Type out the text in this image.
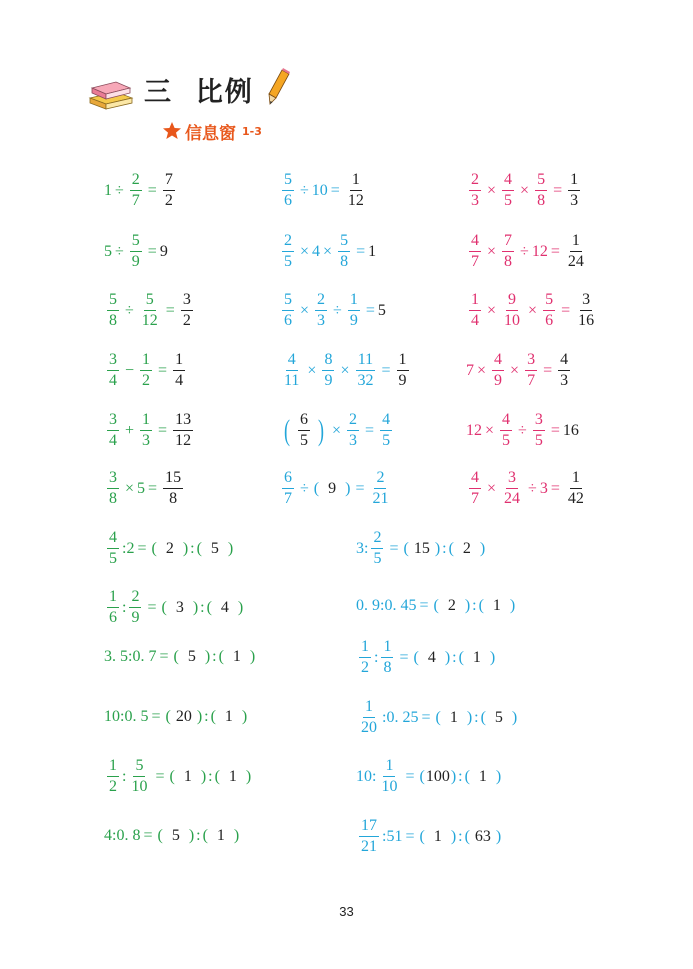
三  比例
信息窗 1-3
$1 \div \frac{2}{7} = \frac{7}{2}$	$\frac{5}{6} \div 10 = \frac{1}{12}$	$\frac{2}{3} \times \frac{4}{5} \times \frac{5}{8} = \frac{1}{3}$
$5 \div \frac{5}{9} = 9$	$\frac{2}{5} \times 4 \times \frac{5}{8} = 1$	$\frac{4}{7} \times \frac{7}{8} \div 12 = \frac{1}{24}$
$\frac{5}{8} \div \frac{5}{12} = \frac{3}{2}$	$\frac{5}{6} \times \frac{2}{3} \div \frac{1}{9} = 5$	$\frac{1}{4} \times \frac{9}{10} \times \frac{5}{6} = \frac{3}{16}$
$\frac{3}{4} - \frac{1}{2} = \frac{1}{4}$	$\frac{4}{11} \times \frac{8}{9} \times \frac{11}{32} = \frac{1}{9}$	$7 \times \frac{4}{9} \times \frac{3}{7} = \frac{4}{3}$
$\frac{3}{4} + \frac{1}{3} = \frac{13}{12}$	( $\frac{6}{5}$ ) × $\frac{2}{3} = \frac{4}{5}$	$12 \times \frac{4}{5} \div \frac{3}{5} = 16$
$\frac{3}{8} \times 5 = \frac{15}{8}$	$\frac{6}{7}$ ÷ ( 9 ) = $\frac{2}{21}$	$\frac{4}{7} \times \frac{3}{24} \div 3 = \frac{1}{42}$
$\frac{4}{5}$ : 2 = ( 2 ) : ( 5 )	3 : $\frac{2}{5}$ = ( 15 ) : ( 2 )
$\frac{1}{6}$ : $\frac{2}{9}$ = ( 3 ) : ( 4 )	0. 9 : 0. 45 = ( 2 ) : ( 1 )
3. 5 : 0. 7 = ( 5 ) : ( 1 )	$\frac{1}{2}$ : $\frac{1}{8}$ = ( 4 ) : ( 1 )
10 : 0. 5 = ( 20 ) : ( 1 )	$\frac{1}{20}$ : 0. 25 = ( 1 ) : ( 5 )
$\frac{1}{2}$ : $\frac{5}{10}$ = ( 1 ) : ( 1 )	10 : $\frac{1}{10}$ = ( 100 ) : ( 1 )
4 : 0. 8 = ( 5 ) : ( 1 )	$\frac{17}{21}$ : 51 = ( 1 ) : ( 63 )
33
